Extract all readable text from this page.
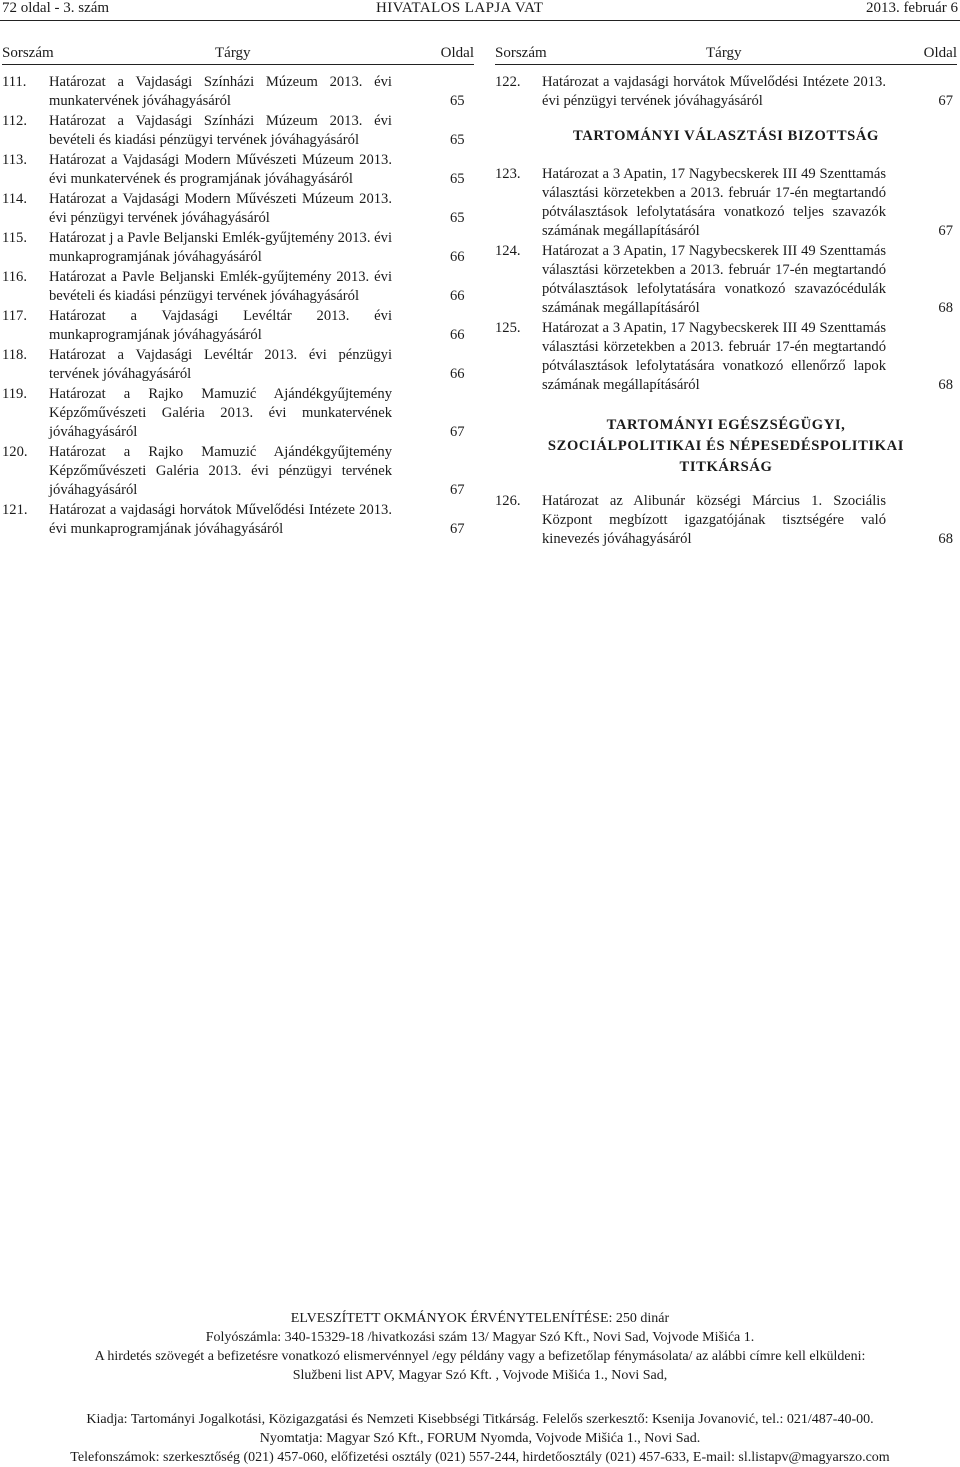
72 oldal - 3. szám	HIVATALOS LAPJA VAT	2013. február 6
Sorszám	Tárgy	Oldal
111. Határozat a Vajdasági Színházi Múzeum 2013. évi munkatervének jóváhagyásáról	65
112. Határozat a Vajdasági Színházi Múzeum 2013. évi bevételi és kiadási pénzügyi tervének jóváhagyásáról	65
113. Határozat a Vajdasági Modern Művészeti Múzeum 2013. évi munkatervének és programjának jóváhagyásáról	65
114. Határozat a Vajdasági Modern Művészeti Múzeum 2013. évi pénzügyi tervének jóváhagyásáról	65
115. Határozat j a Pavle Beljanski Emlék-gyűjtemény 2013. évi munkaprogramjának jóváhagyásáról	66
116. Határozat a Pavle Beljanski Emlék-gyűjtemény 2013. évi bevételi és kiadási pénzügyi tervének jóváhagyásáról	66
117. Határozat a Vajdasági Levéltár 2013. évi munkaprogramjának jóváhagyásáról	66
118. Határozat a Vajdasági Levéltár 2013. évi pénzügyi tervének jóváhagyásáról	66
119. Határozat a Rajko Mamuzić Ajándékgyűjtemény Képzőművészeti Galéria 2013. évi munkatervének jóváhagyásáról	67
120. Határozat a Rajko Mamuzić Ajándékgyűjtemény Képzőművészeti Galéria 2013. évi pénzügyi tervének jóváhagyásáról	67
121. Határozat a vajdasági horvátok Művelődési Intézete 2013. évi munkaprogramjának jóváhagyásáról	67
Sorszám	Tárgy	Oldal
122. Határozat a vajdasági horvátok Művelődési Intézete 2013. évi pénzügyi tervének jóváhagyásáról	67
TARTOMÁNYI VÁLASZTÁSI BIZOTTSÁG
123. Határozat a 3 Apatin, 17 Nagybecskerek III 49 Szenttamás választási körzetekben a 2013. február 17-én megtartandó pótválasztások lefolytatására vonatkozó teljes szavazók számának megállapításáról	67
124. Határozat a 3 Apatin, 17 Nagybecskerek III 49 Szenttamás választási körzetekben a 2013. február 17-én megtartandó pótválasztások lefolytatására vonatkozó szavazócédulák számának megállapításáról	68
125. Határozat a 3 Apatin, 17 Nagybecskerek III 49 Szenttamás választási körzetekben a 2013. február 17-én megtartandó pótválasztások lefolytatására vonatkozó ellenőrző lapok számának megállapításáról	68
TARTOMÁNYI EGÉSZSÉGÜGYI,
SZOCIÁLPOLITIKAI ÉS NÉPESEDÉSPOLITIKAI
TITKÁRSÁG
126. Határozat az Alibunár községi Március 1. Szociális Központ megbízott igazgatójának tisztségére való kinevezés jóváhagyásáról	68
ELVESZÍTETT OKMÁNYOK ÉRVÉNYTELENÍTÉSE: 250 dinár
Folyószámla: 340-15329-18 /hivatkozási szám 13/ Magyar Szó Kft., Novi Sad, Vojvode Mišića 1.
A hirdetés szövegét a befizetésre vonatkozó elismervénnyel /egy példány vagy a befizetőlap fénymásolata/ az alábbi címre kell elküldeni:
Službeni list APV, Magyar Szó Kft. , Vojvode Mišića 1., Novi Sad,
Kiadja: Tartományi Jogalkotási, Közigazgatási és Nemzeti Kisebbségi Titkárság. Felelős szerkesztő: Ksenija Jovanović, tel.: 021/487-40-00.
Nyomtatja: Magyar Szó Kft., FORUM Nyomda, Vojvode Mišića 1., Novi Sad.
Telefonszámok: szerkesztőség (021) 457-060, előfizetési osztály (021) 557-244, hirdetőosztály (021) 457-633, E-mail: sl.listapv@magyarszo.com
